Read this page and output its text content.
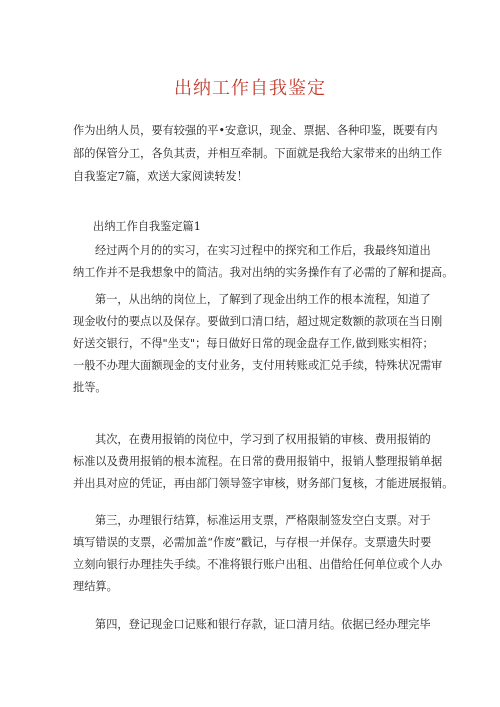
出纳工作自我鉴定
作为出纳人员，要有较强的平•安意识，现金、票据、各种印鉴，既要有内
部的保管分工，各负其责，并相互牵制。下面就是我给大家带来的出纳工作
自我鉴定7篇，欢送大家阅读转发！
出纳工作自我鉴定篇1
经过两个月的的实习，在实习过程中的探究和工作后，我最终知道出
纳工作并不是我想象中的简洁。我对出纳的实务操作有了必需的了解和提高。
第一，从出纳的岗位上，了解到了现金出纳工作的根本流程，知道了
现金收付的要点以及保存。要做到口清口结，超过规定数额的款项在当日刚
好送交银行，不得"坐支"；每日做好日常的现金盘存工作,做到账实相符；
一般不办理大面额现金的支付业务，支付用转账或汇兑手续，特殊状况需审
批等。
其次，在费用报销的岗位中，学习到了权用报销的审核、费用报销的
标准以及费用报销的根本流程。在日常的费用报销中，报销人整理报销单据
并出具对应的凭证，再由部门领导签字审核，财务部门复核，才能进展报销。
第三，办理银行结算，标准运用支票，严格限制签发空白支票。对于
填写错误的支票，必需加盖“作废”戳记，与存根一并保存。支票遗失时要
立刻向银行办理挂失手续。不准将银行账户出租、出借给任何单位或个人办
理结算。
第四，登记现金口记账和银行存款，证口清月结。依据已经办理完毕
